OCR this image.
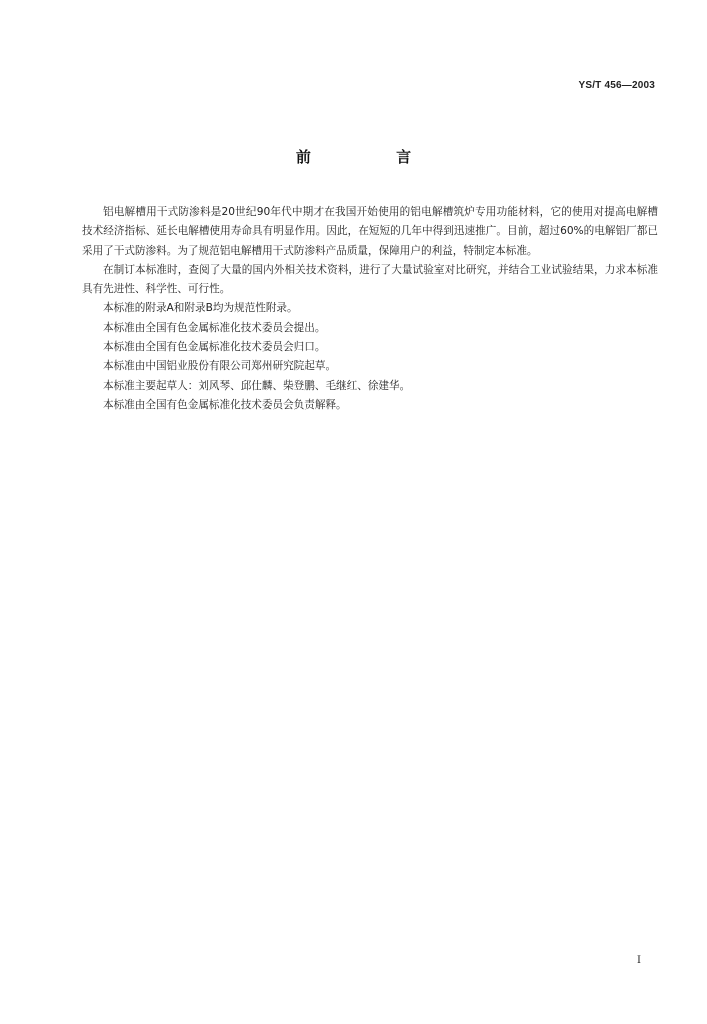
YS/T 456—2003
前 言

铝电解槽用干式防渗料是20世纪90年代中期才在我国开始使用的铝电解槽筑炉专用功能材料，它的使用对提高电解槽技术经济指标、延长电解槽使用寿命具有明显作用。因此，在短短的几年中得到迅速推广。目前，超过60%的电解铝厂都已采用了干式防渗料。为了规范铝电解槽用干式防渗料产品质量，保障用户的利益，特制定本标准。

在制订本标准时，查阅了大量的国内外相关技术资料，进行了大量试验室对比研究，并结合工业试验结果，力求本标准具有先进性、科学性、可行性。

本标准的附录A和附录B均为规范性附录。

本标准由全国有色金属标准化技术委员会提出。

本标准由全国有色金属标准化技术委员会归口。

本标准由中国铝业股份有限公司郑州研究院起草。

本标准主要起草人：刘风琴、邱仕麟、柴登鹏、毛继红、徐建华。

本标准由全国有色金属标准化技术委员会负责解释。

I
